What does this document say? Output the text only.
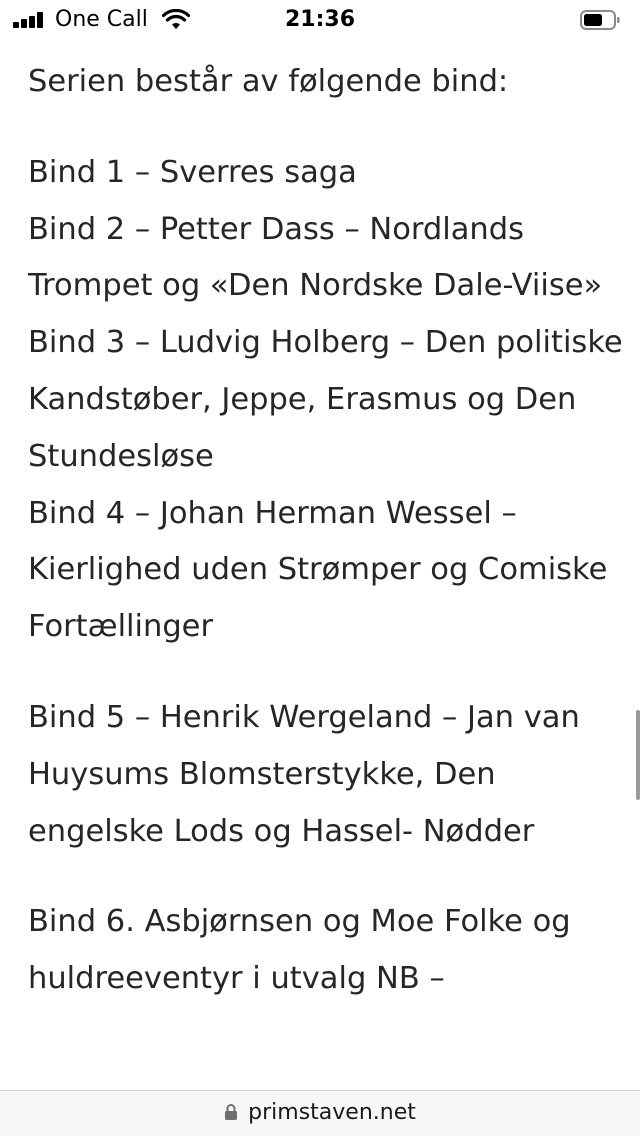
One Call	21:36

Serien består av følgende bind:

Bind 1 – Sverres saga
Bind 2 – Petter Dass – Nordlands Trompet og «Den Nordske Dale-Viise»
Bind 3 – Ludvig Holberg – Den politiske Kandstøber, Jeppe, Erasmus og Den Stundesløse
Bind 4 – Johan Herman Wessel – Kierlighed uden Strømper og Comiske Fortællinger

Bind 5 – Henrik Wergeland – Jan van Huysums Blomsterstykke, Den engelske Lods og Hassel- Nødder

Bind 6. Asbjørnsen og Moe Folke og huldreeventyr i utvalg NB –

primstaven.net
